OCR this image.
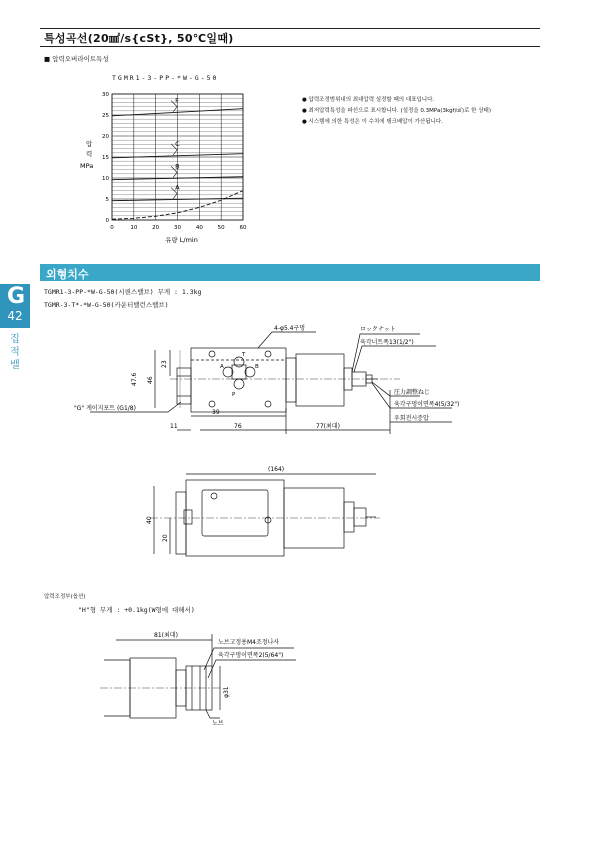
특성곡선(20㎟/s{cSt}, 50℃일때)
■ 압력오버라이트특성
TGMR1-3-PP-*W-G-50
0	10	20	30	40	50	60
0
5
10
15
20
25
30
F
C
B
A
유량 L/min
압
력
MPa
● 압력조정범위내의 최대압력 설정할 때의 대표입니다.
● 최저압력특성을 파선으로 표시합니다. (설정을 0.3MPa(3kgf/㎠)로 한 상태)
● 시스템에 의한 특성은 이 수치에 탱크배압이 가산됩니다.
외형치수
G
42
집
적
밸
TGMR1-3-PP-*W-G-50(시퀀스밸브) 무게 : 1.3kg
TGMR-3-T*-*W-G-50(카운터밸런스밸브)
4-φ5.4구멍	ロックナット
육각너트폭13(1/2")
圧力調整ねじ
육각구멍이면폭4(5/32")
우회전시증압
"G" 게이지포트 (G1/8)
A	B
T
P
23
46
47.6
39
11	76	77(최대)
(164)
40
20
압력조정부(옵션)
"H"형 무게 : +0.1kg(W형에 대해서)
81(최대)
노브고정용M4조정나사
육각구멍이면폭2(5/64")
φ31
노브
